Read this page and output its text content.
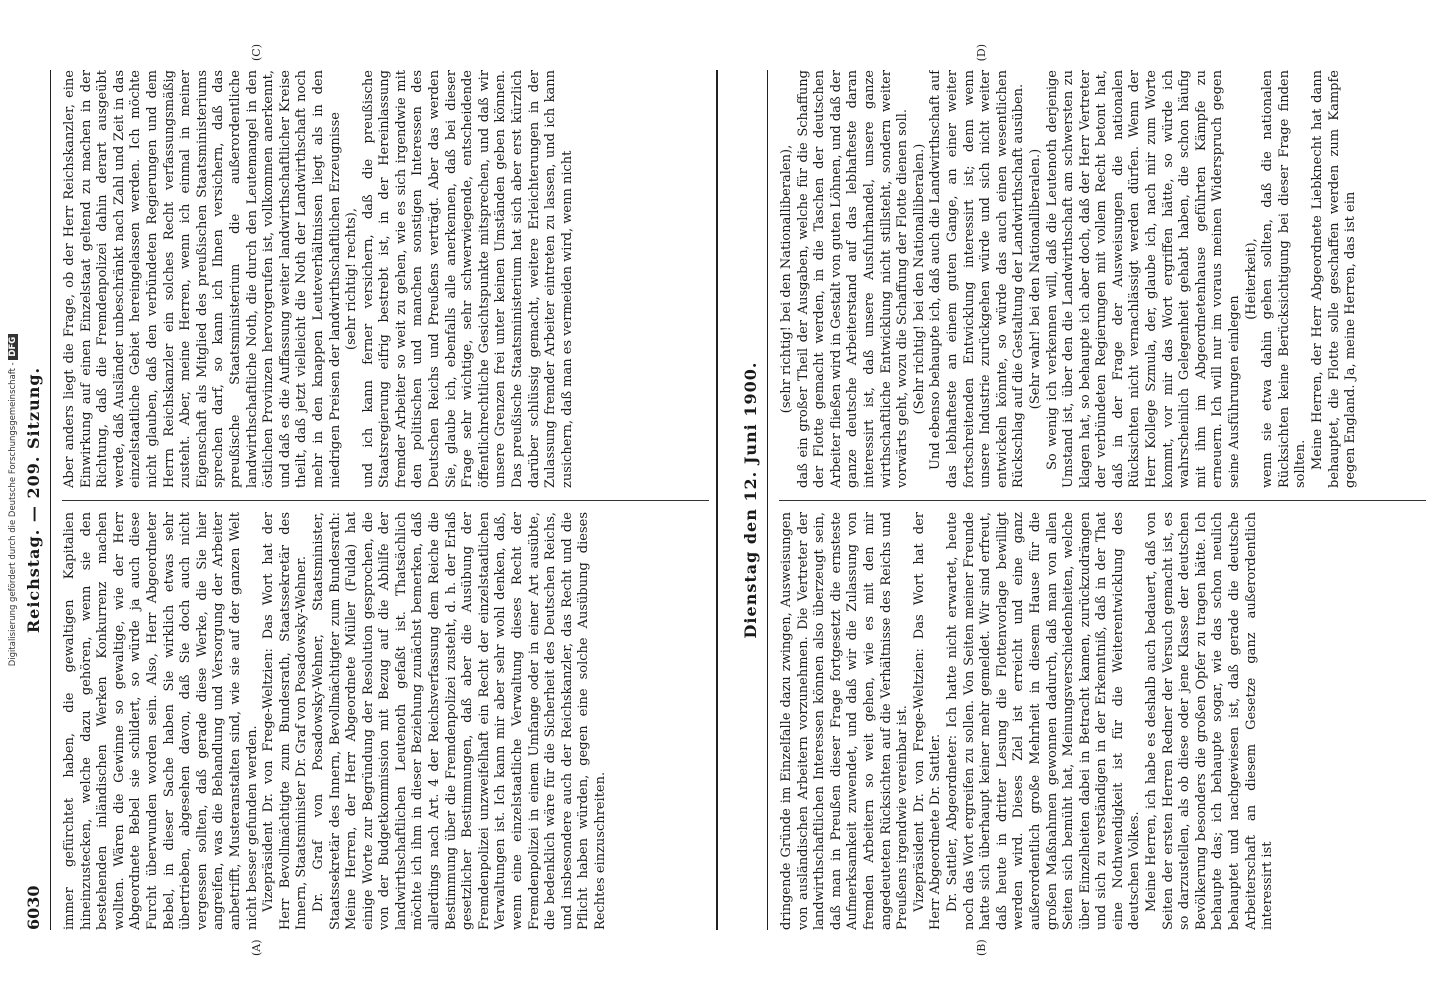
(A)	(B)
(C)	(D)
6030
Reichstag. — 209. Sitzung.

immer gefürchtet haben, die gewaltigen Kapitalien hineinzustecken, welche dazu gehören, wenn sie den bestehenden inländischen Werken Konkurrenz machen wollten. Wären die Gewinne so gewaltige, wie der Herr Abgeordnete Bebel sie schildert, so würde ja auch diese Furcht überwunden worden sein. Also, Herr Abgeordneter Bebel, in dieser Sache haben Sie wirklich etwas sehr übertrieben, abgesehen davon, daß Sie doch auch nicht vergessen sollten, daß gerade diese Werke, die Sie hier angreifen, was die Behandlung und Versorgung der Arbeiter anbetrifft, Musteranstalten sind, wie sie auf der ganzen Welt nicht besser gefunden werden. Vizepräsident Dr. von Frege-Weltzien: Das Wort hat der Herr Bevollmächtigte zum Bundesrath, Staatssekretär des Innern, Staatsminister Dr. Graf von Posadowsky-Wehner. Dr. Graf von Posadowsky-Wehner, Staatsminister, Staatssekretär des Innern, Bevollmächtigter zum Bundesrath: Meine Herren, der Herr Abgeordnete Müller (Fulda) hat einige Worte zur Begründung der Resolution gesprochen, die von der Budgetkommission mit Bezug auf die Abhilfe der landwirthschaftlichen Leutenoth gefaßt ist. Thatsächlich möchte ich ihm in dieser Beziehung zunächst bemerken, daß allerdings nach Art. 4 der Reichsverfassung dem Reiche die Bestimmung über die Fremdenpolizei zusteht, d. h. der Erlaß gesetzlicher Bestimmungen, daß aber die Ausübung der Fremdenpolizei unzweifelhaft ein Recht der einzelstaatlichen Verwaltungen ist. Ich kann mir aber sehr wohl denken, daß, wenn eine einzelstaatliche Verwaltung dieses Recht der Fremdenpolizei in einem Umfange oder in einer Art ausübte, die bedenklich wäre für die Sicherheit des Deutschen Reichs, und insbesondere auch der Reichskanzler, das Recht und die Pflicht haben würden, gegen eine solche Ausübung dieses Rechtes einzuschreiten.

Aber anders liegt die Frage, ob der Herr Reichskanzler, eine Einwirkung auf einen Einzelstaat geltend zu machen in der Richtung, daß die Fremdenpolizei dahin derart ausgeübt werde, daß Ausländer unbeschränkt nach Zahl und Zeit in das einzelstaatliche Gebiet hereingelassen werden. Ich möchte nicht glauben, daß den verbündeten Regierungen und dem Herrn Reichskanzler ein solches Recht verfassungsmäßig zusteht. Aber, meine Herren, wenn ich einmal in meiner Eigenschaft als Mitglied des preußischen Staatsministeriums sprechen darf, so kann ich Ihnen versichern, daß das preußische Staatsministerium die außerordentliche landwirthschaftliche Noth, die durch den Leutemangel in den östlichen Provinzen hervorgerufen ist, vollkommen anerkennt, und daß es die Auffassung weiter landwirthschaftlicher Kreise theilt, daß jetzt vielleicht die Noth der Landwirthschaft noch mehr in den knappen Leuteverhältnissen liegt als in den niedrigen Preisen der landwirthschaftlichen Erzeugnisse (sehr richtig! rechts), und ich kann ferner versichern, daß die preußische Staatsregierung eifrig bestrebt ist, in der Hereinlassung fremder Arbeiter so weit zu gehen, wie es sich irgendwie mit den politischen und manchen sonstigen Interessen des Deutschen Reichs und Preußens verträgt. Aber das werden Sie, glaube ich, ebenfalls alle anerkennen, daß bei dieser Frage sehr wichtige, sehr schwerwiegende, entscheidende öffentlichrechtliche Gesichtspunkte mitsprechen, und daß wir unsere Grenzen frei unter keinen Umständen geben können. Das preußische Staatsministerium hat sich aber erst kürzlich darüber schlüssig gemacht, weitere Erleichterungen in der Zulassung fremder Arbeiter eintreten zu lassen, und ich kann zusichern, daß man es vermeiden wird, wenn nicht

Dienstag den 12. Juni 1900.

dringende Gründe im Einzelfalle dazu zwingen, Ausweisungen von ausländischen Arbeitern vorzunehmen. Die Vertreter der landwirthschaftlichen Interessen können also überzeugt sein, daß man in Preußen dieser Frage fortgesetzt die ernsteste Aufmerksamkeit zuwendet, und daß wir die Zulassung von fremden Arbeitern so weit gehen, wie es mit den mir angedeuteten Rücksichten auf die Verhältnisse des Reichs und Preußens irgendwie vereinbar ist. Vizepräsident Dr. von Frege-Weltzien: Das Wort hat der Herr Abgeordnete Dr. Sattler. Dr. Sattler, Abgeordneter: Ich hatte nicht erwartet, heute noch das Wort ergreifen zu sollen. Von Seiten meiner Freunde hatte sich überhaupt keiner mehr gemeldet. Wir sind erfreut, daß heute in dritter Lesung die Flottenvorlage bewilligt werden wird. Dieses Ziel ist erreicht und eine ganz außerordentlich große Mehrheit in diesem Hause für die großen Maßnahmen gewonnen dadurch, daß man von allen Seiten sich bemüht hat, Meinungsverschiedenheiten, welche über Einzelheiten dabei in Betracht kamen, zurückzudrängen und sich zu verständigen in der Erkenntniß, daß in der That eine Nothwendigkeit ist für die Weiterentwicklung des deutschen Volkes. Meine Herren, ich habe es deshalb auch bedauert, daß von Seiten der ersten Herren Redner der Versuch gemacht ist, es so darzustellen, als ob diese oder jene Klasse der deutschen Bevölkerung besonders die großen Opfer zu tragen hätte. Ich behaupte das; ich behaupte sogar, wie das schon neulich behauptet und nachgewiesen ist, daß gerade die deutsche Arbeiterschaft an diesem Gesetze ganz außerordentlich interessirt ist

(sehr richtig! bei den Nationalliberalen), daß ein großer Theil der Ausgaben, welche für die Schaffung der Flotte gemacht werden, in die Taschen der deutschen Arbeiter fließen wird in Gestalt von guten Löhnen, und daß der ganze deutsche Arbeiterstand auf das lebhafteste daran interessirt ist, daß unsere Ausfuhrhandel, unsere ganze wirthschaftliche Entwicklung nicht stillsteht, sondern weiter vorwärts geht, wozu die Schaffung der Flotte dienen soll. (Sehr richtig! bei den Nationalliberalen.) Und ebenso behaupte ich, daß auch die Landwirthschaft auf das lebhafteste an einem guten Gange, an einer weiter fortschreitenden Entwicklung interessirt ist; denn wenn unsere Industrie zurückgehen würde und sich nicht weiter entwickeln könnte, so würde das auch einen wesentlichen Rückschlag auf die Gestaltung der Landwirthschaft ausüben. (Sehr wahr! bei den Nationalliberalen.) So wenig ich verkennen will, daß die Leutenoth derjenige Umstand ist, über den die Landwirthschaft am schwersten zu klagen hat, so behaupte ich aber doch, daß der Herr Vertreter der verbündeten Regierungen mit vollem Recht betont hat, daß in der Frage der Ausweisungen die nationalen Rücksichten nicht vernachlässigt werden dürfen. Wenn der Herr Kollege Szmula, der, glaube ich, nach mir zum Worte kommt, vor mir das Wort ergriffen hätte, so würde ich wahrscheinlich Gelegenheit gehabt haben, die schon häufig mit ihm im Abgeordnetenhause geführten Kämpfe zu erneuern. Ich will nur im voraus meinen Widerspruch gegen seine Ausführungen einlegen

(Heiterkeit), wenn sie etwa dahin gehen sollten, daß die nationalen Rücksichten keine Berücksichtigung bei dieser Frage finden sollten. Meine Herren, der Herr Abgeordnete Liebknecht hat dann behauptet, die Flotte solle geschaffen werden zum Kampfe gegen England. Ja, meine Herren, das ist ein

Digitalisierung gefördert durch die Deutsche Forschungsgemeinschaft - DFG
